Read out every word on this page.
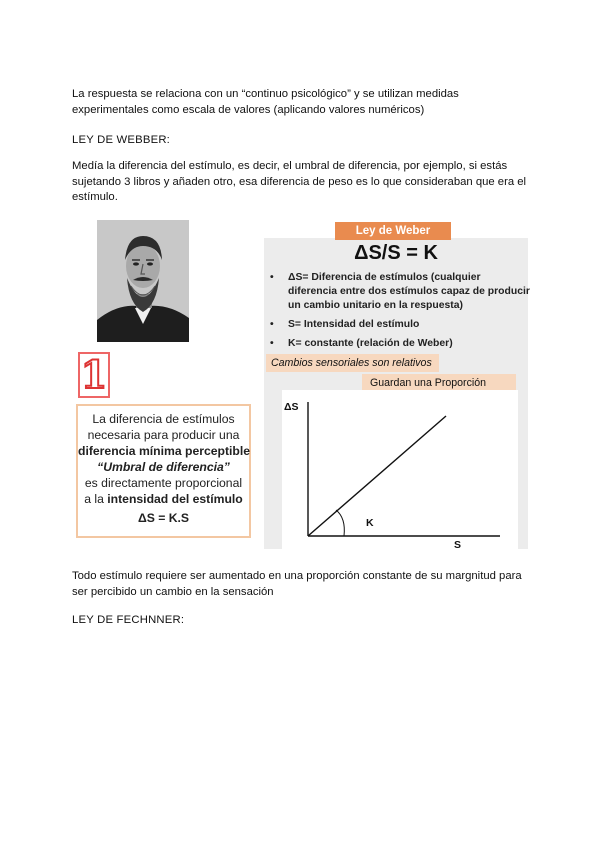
La respuesta se relaciona con un “continuo psicológico” y se utilizan medidas experimentales como escala de valores (aplicando valores numéricos)

LEY DE WEBBER:

Medía la diferencia del estímulo, es decir, el umbral de diferencia, por ejemplo, si estás sujetando 3 libros y añaden otro, esa diferencia de peso es lo que consideraban que era el estímulo.

1
La diferencia de estímulos
necesaria para producir una
diferencia mínima perceptible
“Umbral de diferencia”
es directamente proporcional
a la intensidad del estímulo
ΔS = K.S
Ley de Weber
ΔS/S = K
• ΔS= Diferencia de estímulos (cualquier diferencia entre dos estímulos capaz de producir un cambio unitario en la respuesta)
• S= Intensidad del estímulo
• K= constante (relación de Weber)
Cambios sensoriales son relativos
Guardan una Proporción
ΔS
K
S

Todo estímulo requiere ser aumentado en una proporción constante de su margnitud para ser percibido un cambio en la sensación

LEY DE FECHNNER:
